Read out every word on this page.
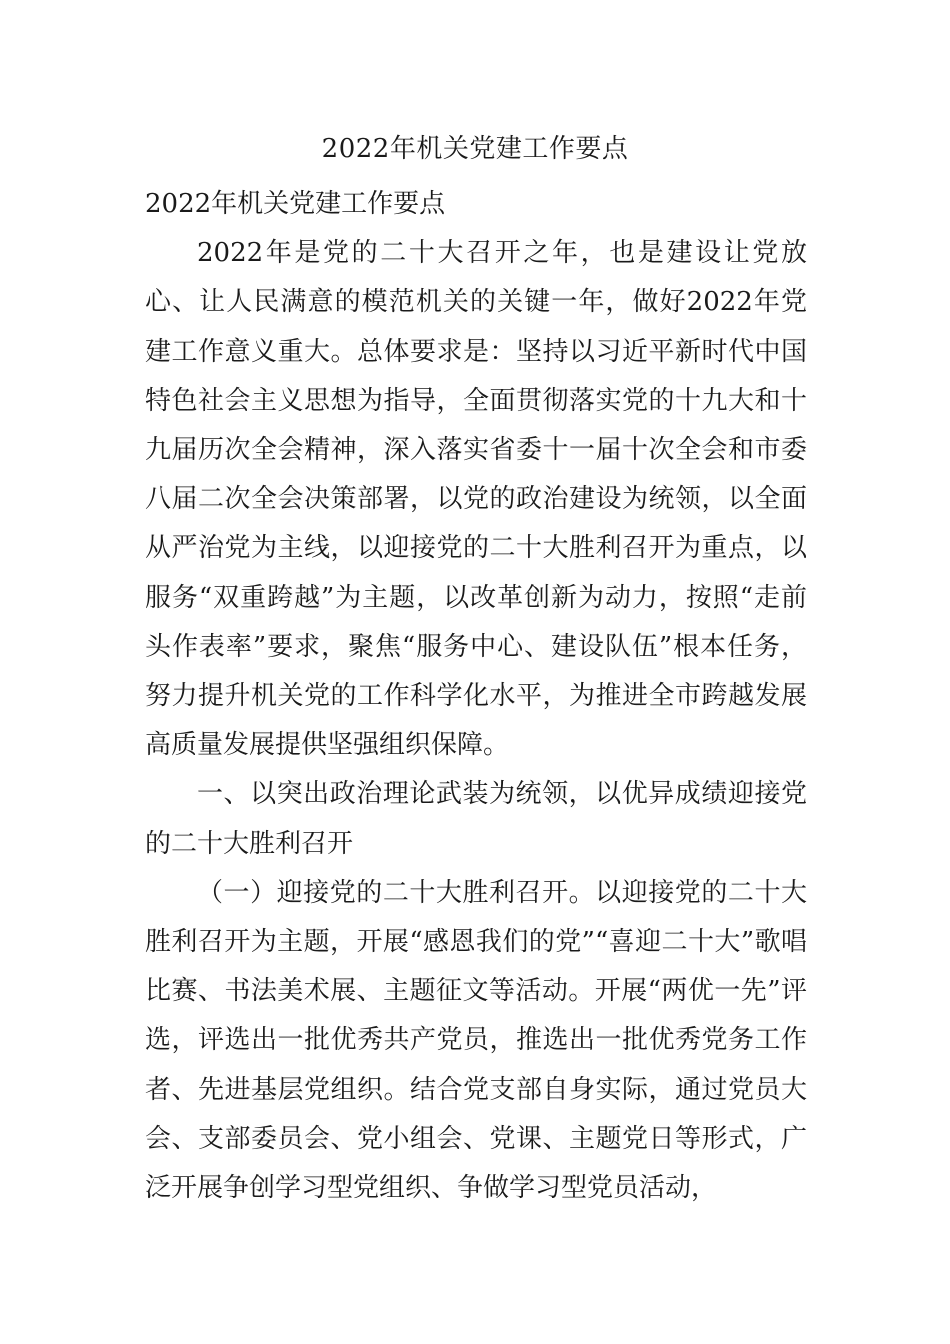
2022年机关党建工作要点

2022年机关党建工作要点

2022年是党的二十大召开之年，也是建设让党放心、让人民满意的模范机关的关键一年，做好2022年党建工作意义重大。总体要求是：坚持以习近平新时代中国特色社会主义思想为指导，全面贯彻落实党的十九大和十九届历次全会精神，深入落实省委十一届十次全会和市委八届二次全会决策部署，以党的政治建设为统领，以全面从严治党为主线，以迎接党的二十大胜利召开为重点，以服务“双重跨越”为主题，以改革创新为动力，按照“走前头作表率”要求，聚焦“服务中心、建设队伍”根本任务，努力提升机关党的工作科学化水平，为推进全市跨越发展高质量发展提供坚强组织保障。

一、以突出政治理论武装为统领，以优异成绩迎接党的二十大胜利召开

（一）迎接党的二十大胜利召开。以迎接党的二十大胜利召开为主题，开展“感恩我们的党”“喜迎二十大”歌唱比赛、书法美术展、主题征文等活动。开展“两优一先”评选，评选出一批优秀共产党员，推选出一批优秀党务工作者、先进基层党组织。结合党支部自身实际，通过党员大会、支部委员会、党小组会、党课、主题党日等形式，广泛开展争创学习型党组织、争做学习型党员活动，
